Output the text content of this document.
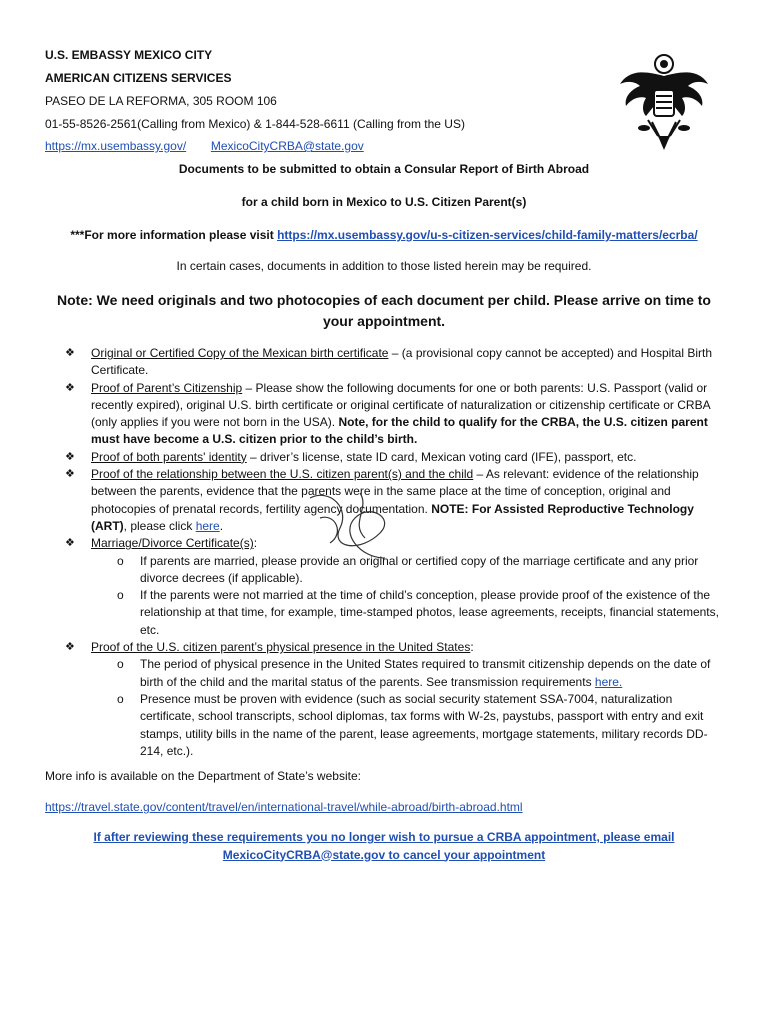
U.S. EMBASSY MEXICO CITY
AMERICAN CITIZENS SERVICES
PASEO DE LA REFORMA, 305 ROOM 106
01-55-8526-2561(Calling from Mexico) & 1-844-528-6611 (Calling from the US)
https://mx.usembassy.gov/ MexicoCityCRBA@state.gov
Documents to be submitted to obtain a Consular Report of Birth Abroad
for a child born in Mexico to U.S. Citizen Parent(s)
***For more information please visit https://mx.usembassy.gov/u-s-citizen-services/child-family-matters/ecrba/
In certain cases, documents in addition to those listed herein may be required.
Note: We need originals and two photocopies of each document per child. Please arrive on time to your appointment.
❖ Original or Certified Copy of the Mexican birth certificate – (a provisional copy cannot be accepted) and Hospital Birth Certificate.
❖ Proof of Parent’s Citizenship – Please show the following documents for one or both parents: U.S. Passport (valid or recently expired), original U.S. birth certificate or original certificate of naturalization or citizenship certificate or CRBA (only applies if you were not born in the USA). Note, for the child to qualify for the CRBA, the U.S. citizen parent must have become a U.S. citizen prior to the child’s birth.
❖ Proof of both parents' identity – driver’s license, state ID card, Mexican voting card (IFE), passport, etc.
❖ Proof of the relationship between the U.S. citizen parent(s) and the child – As relevant: evidence of the relationship between the parents, evidence that the parents were in the same place at the time of conception, original and photocopies of prenatal records, fertility agency documentation. NOTE: For Assisted Reproductive Technology (ART), please click here.
❖ Marriage/Divorce Certificate(s):
o If parents are married, please provide an original or certified copy of the marriage certificate and any prior divorce decrees (if applicable).
o If the parents were not married at the time of child’s conception, please provide proof of the existence of the relationship at that time, for example, time-stamped photos, lease agreements, receipts, financial statements, etc.
❖ Proof of the U.S. citizen parent’s physical presence in the United States:
o The period of physical presence in the United States required to transmit citizenship depends on the date of birth of the child and the marital status of the parents. See transmission requirements here.
o Presence must be proven with evidence (such as social security statement SSA-7004, naturalization certificate, school transcripts, school diplomas, tax forms with W-2s, paystubs, passport with entry and exit stamps, utility bills in the name of the parent, lease agreements, mortgage statements, military records DD-214, etc.).
More info is available on the Department of State’s website:
https://travel.state.gov/content/travel/en/international-travel/while-abroad/birth-abroad.html
If after reviewing these requirements you no longer wish to pursue a CRBA appointment, please email
MexicoCityCRBA@state.gov to cancel your appointment
